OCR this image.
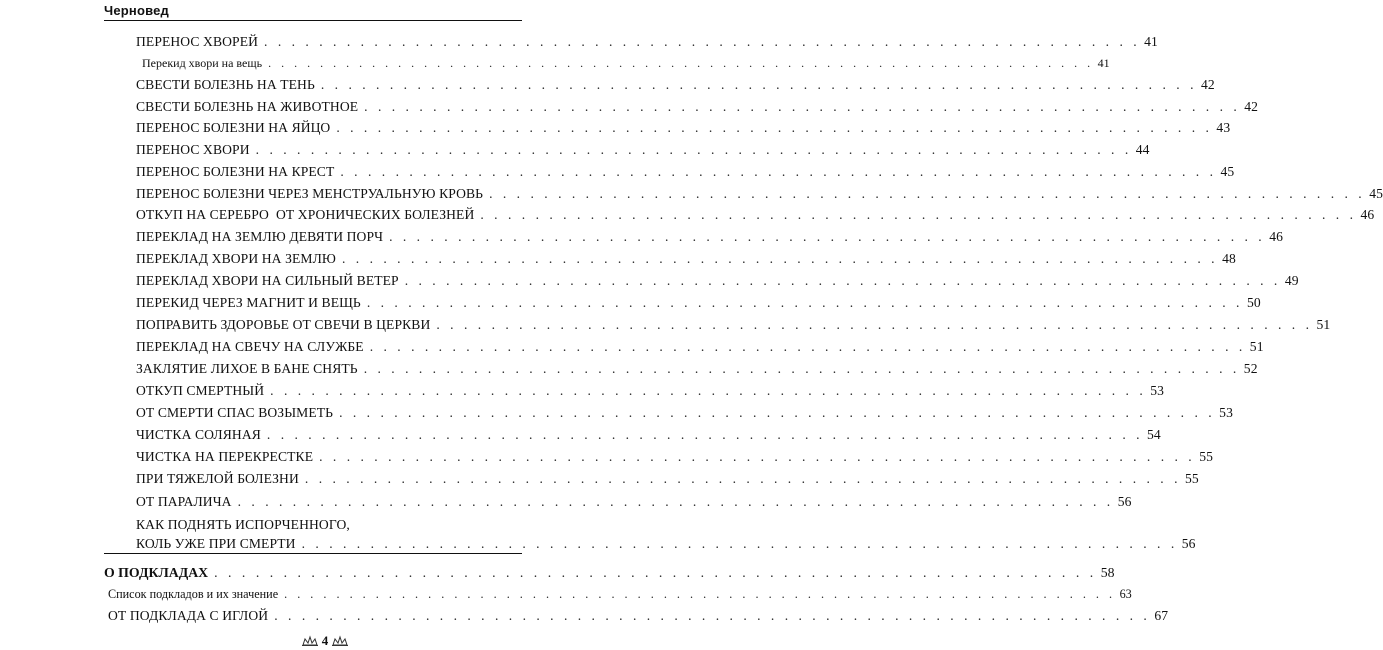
Черновед
ПЕРЕНОС ХВОРЕЙ . . . . . . . . . . . . . . . . . . . . . . . . . . . . . . . . . . . . . . . . . . . . . . . . . . . . . . . . . . . . . . . . 41
Перекид хвори на вещь . . . . . . . . . . . . . . . . . . . . . . . . . . . . . . . . . . . . . . . . . . . . . . . . . . . . . . . . . . . . . . . . 41
СВЕСТИ БОЛЕЗНЬ НА ТЕНЬ . . . . . . . . . . . . . . . . . . . . . . . . . . . . . . . . . . . . . . . . . . . . . . . . . . . . . . . . . . . . . . . . 42
СВЕСТИ БОЛЕЗНЬ НА ЖИВОТНОЕ . . . . . . . . . . . . . . . . . . . . . . . . . . . . . . . . . . . . . . . . . . . . . . . . . . . . . . . . . . . . . . . . 42
ПЕРЕНОС БОЛЕЗНИ НА ЯЙЦО . . . . . . . . . . . . . . . . . . . . . . . . . . . . . . . . . . . . . . . . . . . . . . . . . . . . . . . . . . . . . . . . 43
ПЕРЕНОС ХВОРИ . . . . . . . . . . . . . . . . . . . . . . . . . . . . . . . . . . . . . . . . . . . . . . . . . . . . . . . . . . . . . . . . 44
ПЕРЕНОС БОЛЕЗНИ НА КРЕСТ . . . . . . . . . . . . . . . . . . . . . . . . . . . . . . . . . . . . . . . . . . . . . . . . . . . . . . . . . . . . . . . . 45
ПЕРЕНОС БОЛЕЗНИ ЧЕРЕЗ МЕНСТРУАЛЬНУЮ КРОВЬ . . . . . . . . . . . . . . . . . . . . . . . . . . . . . . . . . . . . . . . . . . . . . . . . . . . . . . . . . . . . . . . . 45
ОТКУП НА СЕРЕБРО  ОТ ХРОНИЧЕСКИХ БОЛЕЗНЕЙ . . . . . . . . . . . . . . . . . . . . . . . . . . . . . . . . . . . . . . . . . . . . . . . . . . . . . . . . . . . . . . . . 46
ПЕРЕКЛАД НА ЗЕМЛЮ ДЕВЯТИ ПОРЧ . . . . . . . . . . . . . . . . . . . . . . . . . . . . . . . . . . . . . . . . . . . . . . . . . . . . . . . . . . . . . . . . 46
ПЕРЕКЛАД ХВОРИ НА ЗЕМЛЮ . . . . . . . . . . . . . . . . . . . . . . . . . . . . . . . . . . . . . . . . . . . . . . . . . . . . . . . . . . . . . . . . 48
ПЕРЕКЛАД ХВОРИ НА СИЛЬНЫЙ ВЕТЕР . . . . . . . . . . . . . . . . . . . . . . . . . . . . . . . . . . . . . . . . . . . . . . . . . . . . . . . . . . . . . . . . 49
ПЕРЕКИД ЧЕРЕЗ МАГНИТ И ВЕЩЬ . . . . . . . . . . . . . . . . . . . . . . . . . . . . . . . . . . . . . . . . . . . . . . . . . . . . . . . . . . . . . . . . 50
ПОПРАВИТЬ ЗДОРОВЬЕ ОТ СВЕЧИ В ЦЕРКВИ . . . . . . . . . . . . . . . . . . . . . . . . . . . . . . . . . . . . . . . . . . . . . . . . . . . . . . . . . . . . . . . . 51
ПЕРЕКЛАД НА СВЕЧУ НА СЛУЖБЕ . . . . . . . . . . . . . . . . . . . . . . . . . . . . . . . . . . . . . . . . . . . . . . . . . . . . . . . . . . . . . . . . 51
ЗАКЛЯТИЕ ЛИХОЕ В БАНЕ СНЯТЬ . . . . . . . . . . . . . . . . . . . . . . . . . . . . . . . . . . . . . . . . . . . . . . . . . . . . . . . . . . . . . . . . 52
ОТКУП СМЕРТНЫЙ . . . . . . . . . . . . . . . . . . . . . . . . . . . . . . . . . . . . . . . . . . . . . . . . . . . . . . . . . . . . . . . . 53
ОТ СМЕРТИ СПАС ВОЗЫМЕТЬ . . . . . . . . . . . . . . . . . . . . . . . . . . . . . . . . . . . . . . . . . . . . . . . . . . . . . . . . . . . . . . . . 53
ЧИСТКА СОЛЯНАЯ . . . . . . . . . . . . . . . . . . . . . . . . . . . . . . . . . . . . . . . . . . . . . . . . . . . . . . . . . . . . . . . . 54
ЧИСТКА НА ПЕРЕКРЕСТКЕ . . . . . . . . . . . . . . . . . . . . . . . . . . . . . . . . . . . . . . . . . . . . . . . . . . . . . . . . . . . . . . . . 55
ПРИ ТЯЖЕЛОЙ БОЛЕЗНИ . . . . . . . . . . . . . . . . . . . . . . . . . . . . . . . . . . . . . . . . . . . . . . . . . . . . . . . . . . . . . . . . 55
ОТ ПАРАЛИЧА . . . . . . . . . . . . . . . . . . . . . . . . . . . . . . . . . . . . . . . . . . . . . . . . . . . . . . . . . . . . . . . . 56
КАК ПОДНЯТЬ ИСПОРЧЕННОГО,
КОЛЬ УЖЕ ПРИ СМЕРТИ . . . . . . . . . . . . . . . . . . . . . . . . . . . . . . . . . . . . . . . . . . . . . . . . . . . . . . . . . . . . . . . . 56
О ПОДКЛАДАХ . . . . . . . . . . . . . . . . . . . . . . . . . . . . . . . . . . . . . . . . . . . . . . . . . . . . . . . . . . . . . . . . 58
Список подкладов и их значение . . . . . . . . . . . . . . . . . . . . . . . . . . . . . . . . . . . . . . . . . . . . . . . . . . . . . . . . . . . . . . . . 63
ОТ ПОДКЛАДА С ИГЛОЙ . . . . . . . . . . . . . . . . . . . . . . . . . . . . . . . . . . . . . . . . . . . . . . . . . . . . . . . . . . . . . . . . 67
4
